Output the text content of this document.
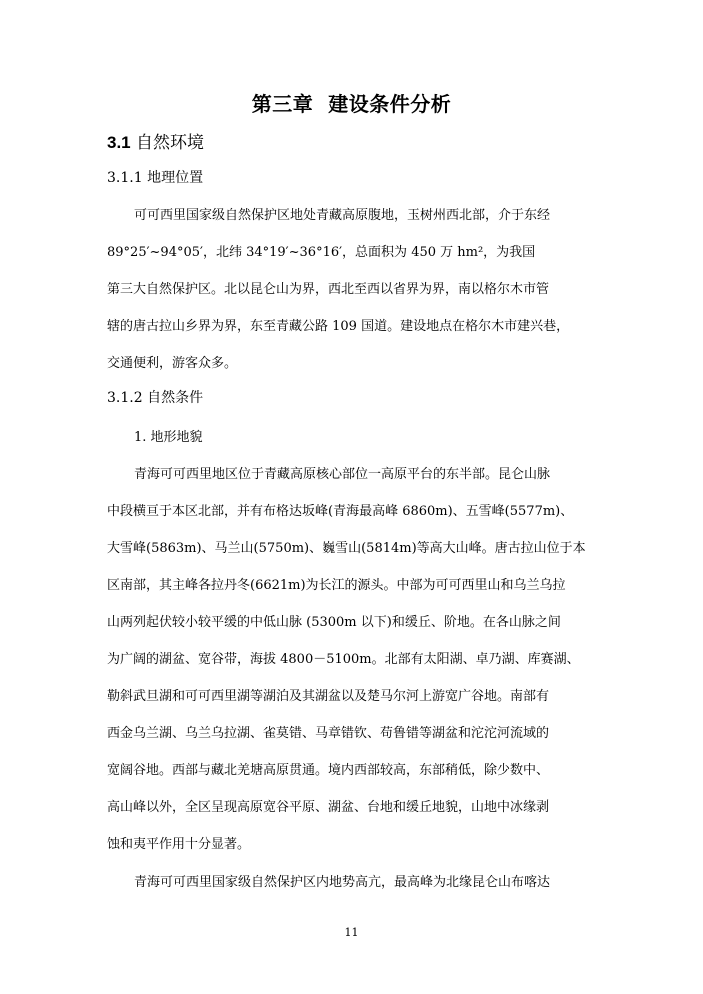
第三章  建设条件分析
3.1 自然环境
3.1.1 地理位置
可可西里国家级自然保护区地处青藏高原腹地，玉树州西北部，介于东经
89°25′~94°05′，北纬 34°19′~36°16′，总面积为 450 万 hm²，为我国
第三大自然保护区。北以昆仑山为界，西北至西以省界为界，南以格尔木市管
辖的唐古拉山乡界为界，东至青藏公路 109 国道。建设地点在格尔木市建兴巷，
交通便利，游客众多。
3.1.2 自然条件
1. 地形地貌
青海可可西里地区位于青藏高原核心部位一高原平台的东半部。昆仑山脉
中段横亘于本区北部，并有布格达坂峰(青海最高峰 6860m)、五雪峰(5577m)、
大雪峰(5863m)、马兰山(5750m)、巍雪山(5814m)等高大山峰。唐古拉山位于本
区南部，其主峰各拉丹冬(6621m)为长江的源头。中部为可可西里山和乌兰乌拉
山两列起伏较小较平缓的中低山脉 (5300m 以下)和缓丘、阶地。在各山脉之间
为广阔的湖盆、宽谷带，海拔 4800－5100m。北部有太阳湖、卓乃湖、库赛湖、
勒斜武旦湖和可可西里湖等湖泊及其湖盆以及楚马尔河上游宽广谷地。南部有
西金乌兰湖、乌兰乌拉湖、雀莫错、马章错钦、苟鲁错等湖盆和沱沱河流域的
宽阔谷地。西部与藏北羌塘高原贯通。境内西部较高，东部稍低，除少数中、
高山峰以外，全区呈现高原宽谷平原、湖盆、台地和缓丘地貌，山地中冰缘剥
蚀和夷平作用十分显著。
青海可可西里国家级自然保护区内地势高亢，最高峰为北缘昆仑山布喀达
11
